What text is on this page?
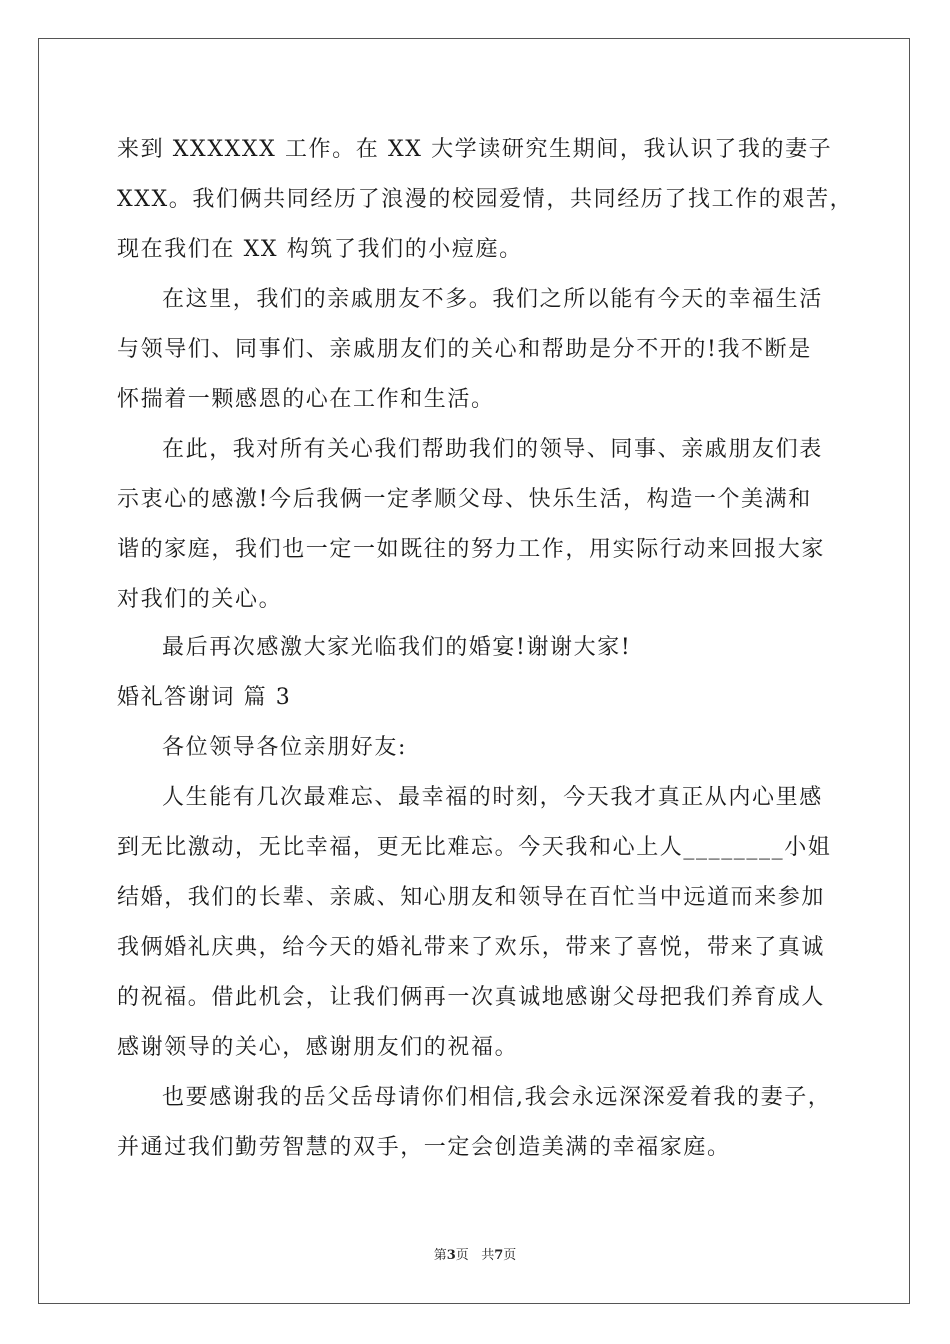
来到 XXXXXX 工作。在 XX 大学读研究生期间，我认识了我的妻子
XXX。我们俩共同经历了浪漫的校园爱情，共同经历了找工作的艰苦，
现在我们在 XX 构筑了我们的小痘庭。
在这里，我们的亲戚朋友不多。我们之所以能有今天的幸福生活
与领导们、同事们、亲戚朋友们的关心和帮助是分不开的!我不断是
怀揣着一颗感恩的心在工作和生活。
在此，我对所有关心我们帮助我们的领导、同事、亲戚朋友们表
示衷心的感激!今后我俩一定孝顺父母、快乐生活，构造一个美满和
谐的家庭，我们也一定一如既往的努力工作，用实际行动来回报大家
对我们的关心。
最后再次感激大家光临我们的婚宴!谢谢大家!
婚礼答谢词 篇 3
各位领导各位亲朋好友:
人生能有几次最难忘、最幸福的时刻，今天我才真正从内心里感
到无比激动，无比幸福，更无比难忘。今天我和心上人________小姐
结婚，我们的长辈、亲戚、知心朋友和领导在百忙当中远道而来参加
我俩婚礼庆典，给今天的婚礼带来了欢乐，带来了喜悦，带来了真诚
的祝福。借此机会，让我们俩再一次真诚地感谢父母把我们养育成人
感谢领导的关心，感谢朋友们的祝福。
也要感谢我的岳父岳母请你们相信,我会永远深深爱着我的妻子，
并通过我们勤劳智慧的双手，一定会创造美满的幸福家庭。
第3页 共7页
